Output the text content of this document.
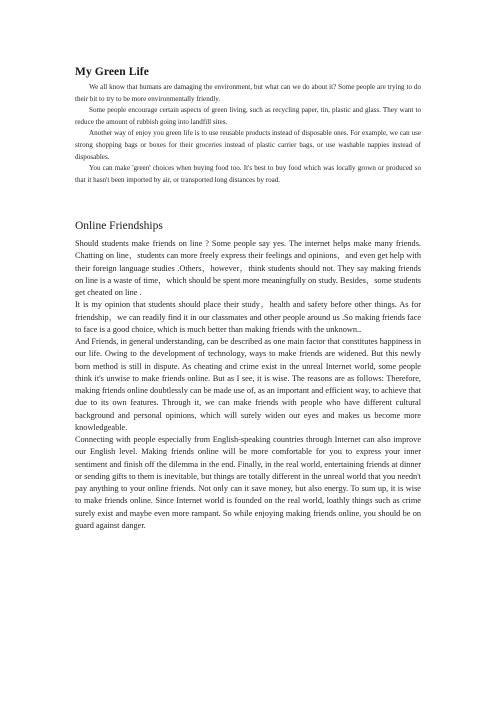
My Green Life

We all know that humans are damaging the environment, but what can we do about it? Some people are trying to do their bit to try to be more environmentally friendly.

Some people encourage certain aspects of green living, such as recycling paper, tin, plastic and glass. They want to reduce the amount of rubbish going into landfill sites.

Another way of enjoy you green life is to use reusable products instead of disposable ones. For example, we can use strong shopping bags or boxes for their groceries instead of plastic carrier bags, or use washable nappies instead of disposables.

You can make 'green' choices when buying food too. It's best to buy food which was locally grown or produced so that it hasn't been imported by air, or transported long distances by road.

Online Friendships

Should students make friends on line ? Some people say yes. The internet helps make many friends. Chatting on line，students can more freely express their feelings and opinions，and even get help with their foreign language studies .Others，however，think students should not. They say making friends on line is a waste of time，which should be spent more meaningfully on study. Besides，some students get cheated on line .

It is my opinion that students should place their study，health and safety before other things. As for friendship，we can readily find it in our classmates and other people around us .So making friends face to face is a good choice, which is much better than making friends with the unknown..

And Friends, in general understanding, can be described as one main factor that constitutes happiness in our life. Owing to the development of technology, ways to make friends are widened. But this newly born method is still in dispute. As cheating and crime exist in the unreal Internet world, some people think it's unwise to make friends online. But as I see, it is wise. The reasons are as follows: Therefore, making friends online doubtlessly can be made use of, as an important and efficient way, to achieve that due to its own features. Through it, we can make friends with people who have different cultural background and personal opinions, which will surely widen our eyes and makes us become more knowledgeable.

Connecting with people especially from English-speaking countries through Internet can also improve our English level. Making friends online will be more comfortable for you to express your inner sentiment and finish off the dilemma in the end. Finally, in the real world, entertaining friends at dinner or sending gifts to them is inevitable, but things are totally different in the unreal world that you needn't pay anything to your online friends. Not only can it save money, but also energy. To sum up, it is wise to make friends online. Since Internet world is founded on the real world, loathly things such as crime surely exist and maybe even more rampant. So while enjoying making friends online, you should be on guard against danger.
